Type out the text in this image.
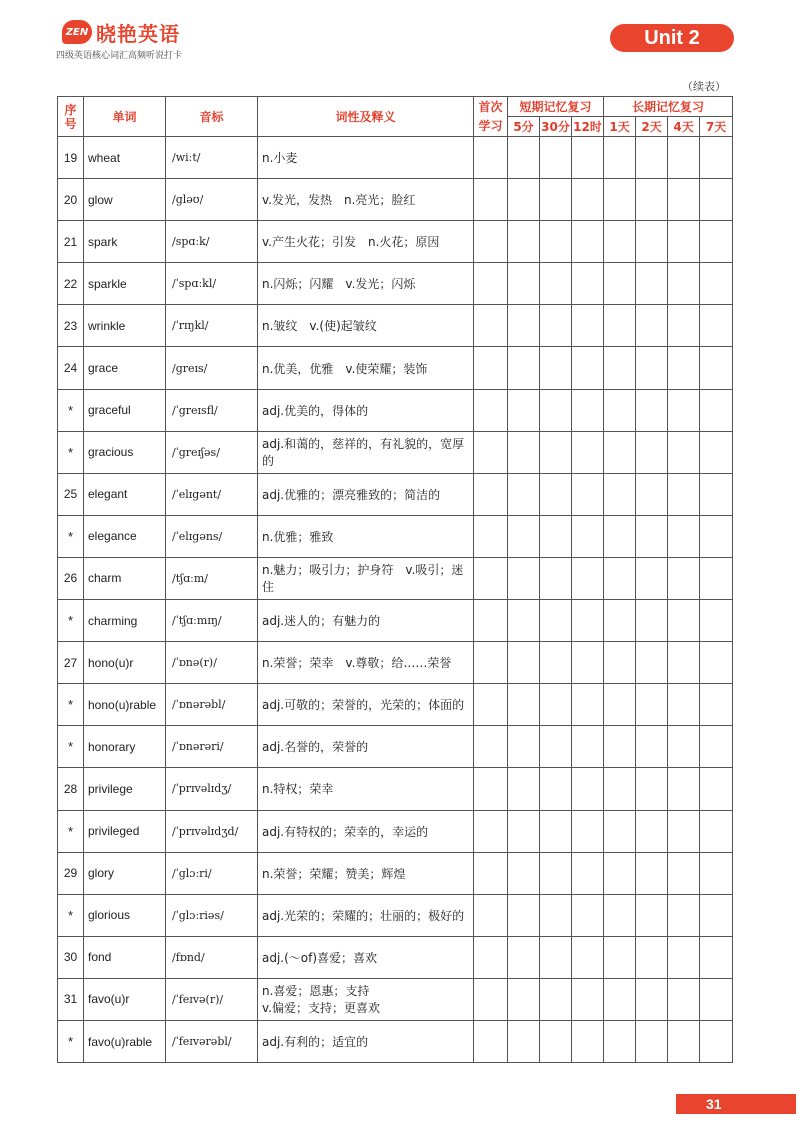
ZEN 晓艳英语
四级英语核心词汇高频听说打卡
Unit 2
（续表）
序号	单词	音标	词性及释义	首次学习	短期记忆复习			长期记忆复习			
					5分	30分	12时	1天	2天	4天	7天
19	wheat	/wiːt/	n.小麦								

20	glow	/gləʊ/	v.发光，发热　n.亮光；脸红								

21	spark	/spɑːk/	v.产生火花；引发　n.火花；原因								

22	sparkle	/ˈspɑːkl/	n.闪烁；闪耀　v.发光；闪烁								

23	wrinkle	/ˈrɪŋkl/	n.皱纹　v.(使)起皱纹								

24	grace	/greɪs/	n.优美，优雅　v.使荣耀；装饰								

*	graceful	/ˈgreɪsfl/	adj.优美的，得体的								

*	gracious	/ˈgreɪʃəs/	adj.和蔼的，慈祥的，有礼貌的，宽厚的								

25	elegant	/ˈelɪgənt/	adj.优雅的；漂亮雅致的；简洁的								

*	elegance	/ˈelɪgəns/	n.优雅；雅致								

26	charm	/tʃɑːm/	n.魅力；吸引力；护身符　v.吸引；迷住								

*	charming	/ˈtʃɑːmɪŋ/	adj.迷人的；有魅力的								

27	hono(u)r	/ˈɒnə(r)/	n.荣誉；荣幸　v.尊敬；给……荣誉								

*	hono(u)rable	/ˈɒnərəbl/	adj.可敬的；荣誉的，光荣的；体面的								

*	honorary	/ˈɒnərəri/	adj.名誉的，荣誉的								

28	privilege	/ˈprɪvəlɪdʒ/	n.特权；荣幸								

*	privileged	/ˈprɪvəlɪdʒd/	adj.有特权的；荣幸的，幸运的								

29	glory	/ˈglɔːri/	n.荣誉；荣耀；赞美；辉煌								

*	glorious	/ˈglɔːriəs/	adj.光荣的；荣耀的；壮丽的；极好的								

30	fond	/fɒnd/	adj.(～of)喜爱；喜欢								

31	favo(u)r	/ˈfeɪvə(r)/	n.喜爱；恩惠；支持
v.偏爱；支持；更喜欢								

*	favo(u)rable	/ˈfeɪvərəbl/	adj.有利的；适宜的								

31
